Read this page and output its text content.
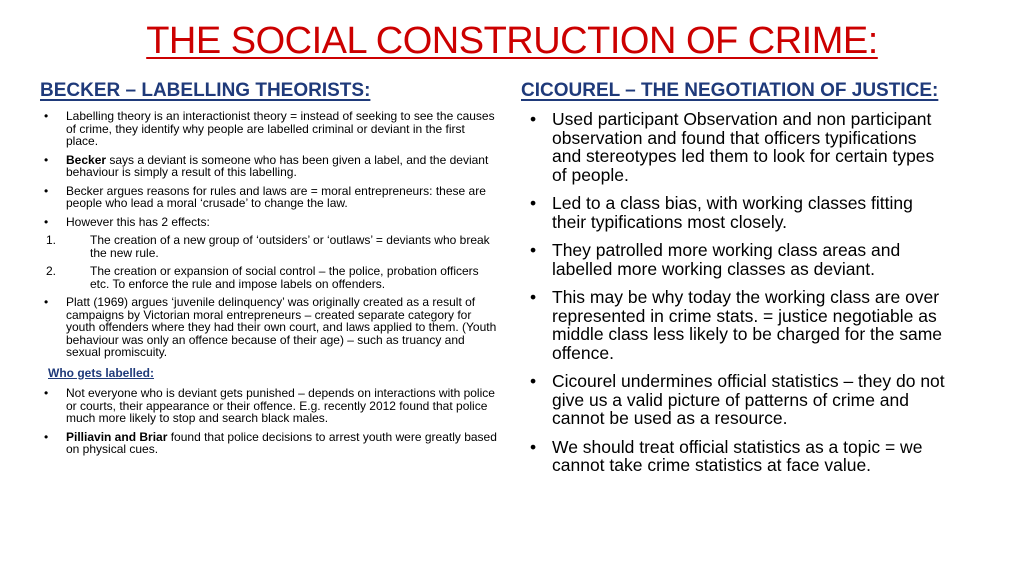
THE SOCIAL CONSTRUCTION OF CRIME:
BECKER – LABELLING THEORISTS:	CICOUREL – THE NEGOTIATION OF JUSTICE:
•	Labelling theory is an interactionist theory = instead of seeking to see the causes of crime, they identify why people are labelled criminal or deviant in the first place.
•	Becker says a deviant is someone who has been given a label, and the deviant behaviour is simply a result of this labelling.
•	Becker argues reasons for rules and laws are = moral entrepreneurs: these are people who lead a moral ‘crusade’ to change the law.
•	However this has 2 effects:
1.	The creation of a new group of ‘outsiders’ or ‘outlaws’ = deviants who break the new rule.
2.	The creation or expansion of social control – the police, probation officers etc. To enforce the rule and impose labels on offenders.
•	Platt (1969) argues ‘juvenile delinquency’ was originally created as a result of campaigns by Victorian moral entrepreneurs – created separate category for youth offenders where they had their own court, and laws applied to them. (Youth behaviour was only an offence because of their age) – such as truancy and sexual promiscuity.
Who gets labelled:
•	Not everyone who is deviant gets punished – depends on interactions with police or courts, their appearance or their offence. E.g. recently 2012 found that police much more likely to stop and search black males.
•	Pilliavin and Briar found that police decisions to arrest youth were greatly based on physical cues.
• Used participant Observation and non participant observation and found that officers typifications and stereotypes led them to look for certain types of people.
• Led to a class bias, with working classes fitting their typifications most closely.
• They patrolled more working class areas and labelled more working classes as deviant.
• This may be why today the working class are over represented in crime stats. = justice negotiable as middle class less likely to be charged for the same offence.
• Cicourel undermines official statistics – they do not give us a valid picture of patterns of crime and cannot be used as a resource.
• We should treat official statistics as a topic = we cannot take crime statistics at face value.
